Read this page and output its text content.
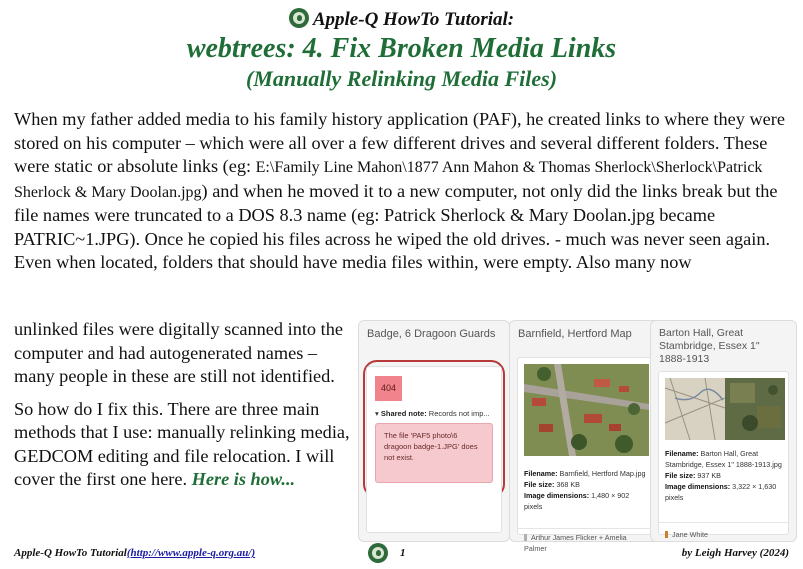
Apple-Q HowTo Tutorial:
webtrees: 4. Fix Broken Media Links
(Manually Relinking Media Files)

When my father added media to his family history application (PAF), he created links to where they were stored on his computer – which were all over a few different drives and several different folders. These were static or absolute links (eg: E:\Family Line Mahon\1877 Ann Mahon & Thomas Sherlock\Sherlock\Patrick Sherlock & Mary Doolan.jpg) and when he moved it to a new computer, not only did the links break but the file names were truncated to a DOS 8.3 name (eg: Patrick Sherlock & Mary Doolan.jpg became PATRIC~1.JPG). Once he copied his files across he wiped the old drives. - much was never seen again. Even when located, folders that should have media files within, were empty. Also many now

unlinked files were digitally scanned into the computer and had autogenerated names – many people in these are still not identified.

So how do I fix this. There are three main methods that I use: manually relinking media, GEDCOM editing and file relocation. I will cover the first one here. Here is how...

Badge, 6 Dragoon Guards
404
▾ Shared note: Records not imp...
The file 'PAF5 photo\6 dragoon badge-1.JPG' does not exist.
Barnfield, Hertford Map
Filename: Barnfield, Hertford Map.jpg
File size: 368 KB
Image dimensions: 1,480 × 902 pixels
Arthur James Flicker + Amelia Palmer
Barton Hall, Great Stambridge, Essex 1" 1888-1913
Filename: Barton Hall, Great Stambridge, Essex 1" 1888-1913.jpg
File size: 937 KB
Image dimensions: 3,322 × 1,630 pixels
Jane White
Apple-Q HowTo Tutorial(http://www.apple-q.org.au/)	1	by Leigh Harvey (2024)
